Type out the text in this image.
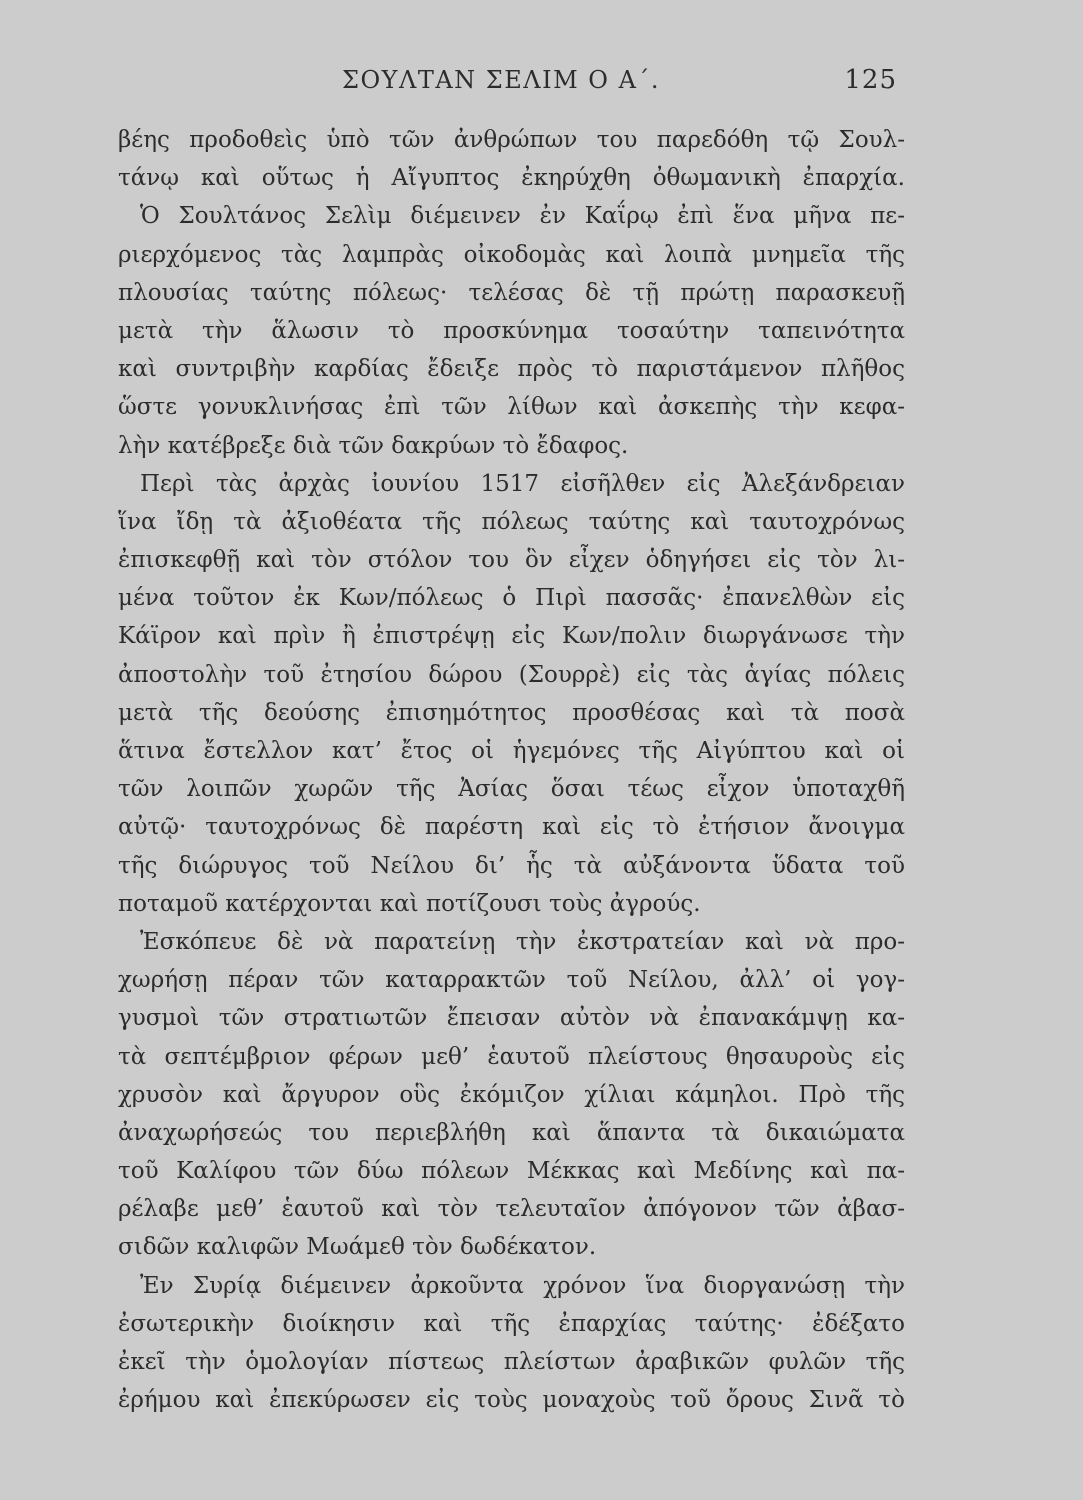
ΣΟΥΛΤΑΝ ΣΕΛΙΜ Ο Α΄.	125
βέης προδοθεὶς ὑπὸ τῶν ἀνθρώπων του παρεδόθη τῷ Σουλ-
τάνῳ καὶ οὕτως ἡ Αἴγυπτος ἐκηρύχθη ὀθωμανικὴ ἐπαρχία.
Ὁ Σουλτάνος Σελὶμ διέμεινεν ἐν Καΐρῳ ἐπὶ ἕνα μῆνα πε-
ριερχόμενος τὰς λαμπρὰς οἰκοδομὰς καὶ λοιπὰ μνημεῖα τῆς
πλουσίας ταύτης πόλεως· τελέσας δὲ τῇ πρώτῃ παρασκευῇ
μετὰ τὴν ἅλωσιν τὸ προσκύνημα τοσαύτην ταπεινότητα
καὶ συντριβὴν καρδίας ἔδειξε πρὸς τὸ παριστάμενον πλῆθος
ὥστε γονυκλινήσας ἐπὶ τῶν λίθων καὶ ἀσκεπὴς τὴν κεφα-
λὴν κατέβρεξε διὰ τῶν δακρύων τὸ ἔδαφος.
Περὶ τὰς ἀρχὰς ἰουνίου 1517 εἰσῆλθεν εἰς Ἀλεξάνδρειαν
ἵνα ἴδῃ τὰ ἀξιοθέατα τῆς πόλεως ταύτης καὶ ταυτοχρόνως
ἐπισκεφθῇ καὶ τὸν στόλον του ὃν εἶχεν ὁδηγήσει εἰς τὸν λι-
μένα τοῦτον ἐκ Κων/πόλεως ὁ Πιρὶ πασσᾶς· ἐπανελθὼν εἰς
Κάϊρον καὶ πρὶν ἢ ἐπιστρέψῃ εἰς Κων/πολιν διωργάνωσε τὴν
ἀποστολὴν τοῦ ἐτησίου δώρου (Σουρρὲ) εἰς τὰς ἁγίας πόλεις
μετὰ τῆς δεούσης ἐπισημότητος προσθέσας καὶ τὰ ποσὰ
ἅτινα ἔστελλον κατ’ ἔτος οἱ ἡγεμόνες τῆς Αἰγύπτου καὶ οἱ
τῶν λοιπῶν χωρῶν τῆς Ἀσίας ὅσαι τέως εἶχον ὑποταχθῆ
αὐτῷ· ταυτοχρόνως δὲ παρέστη καὶ εἰς τὸ ἐτήσιον ἄνοιγμα
τῆς διώρυγος τοῦ Νείλου δι’ ἧς τὰ αὐξάνοντα ὕδατα τοῦ
ποταμοῦ κατέρχονται καὶ ποτίζουσι τοὺς ἀγρούς.
Ἐσκόπευε δὲ νὰ παρατείνῃ τὴν ἐκστρατείαν καὶ νὰ προ-
χωρήσῃ πέραν τῶν καταρρακτῶν τοῦ Νείλου, ἀλλ’ οἱ γογ-
γυσμοὶ τῶν στρατιωτῶν ἔπεισαν αὐτὸν νὰ ἐπανακάμψῃ κα-
τὰ σεπτέμβριον φέρων μεθ’ ἑαυτοῦ πλείστους θησαυροὺς εἰς
χρυσὸν καὶ ἄργυρον οὓς ἐκόμιζον χίλιαι κάμηλοι. Πρὸ τῆς
ἀναχωρήσεώς του περιεβλήθη καὶ ἅπαντα τὰ δικαιώματα
τοῦ Καλίφου τῶν δύω πόλεων Μέκκας καὶ Μεδίνης καὶ πα-
ρέλαβε μεθ’ ἑαυτοῦ καὶ τὸν τελευταῖον ἀπόγονον τῶν ἀβασ-
σιδῶν καλιφῶν Μωάμεθ τὸν δωδέκατον.
Ἐν Συρίᾳ διέμεινεν ἀρκοῦντα χρόνον ἵνα διοργανώσῃ τὴν
ἐσωτερικὴν διοίκησιν καὶ τῆς ἐπαρχίας ταύτης· ἐδέξατο
ἐκεῖ τὴν ὁμολογίαν πίστεως πλείστων ἀραβικῶν φυλῶν τῆς
ἐρήμου καὶ ἐπεκύρωσεν εἰς τοὺς μοναχοὺς τοῦ ὄρους Σινᾶ τὸ
